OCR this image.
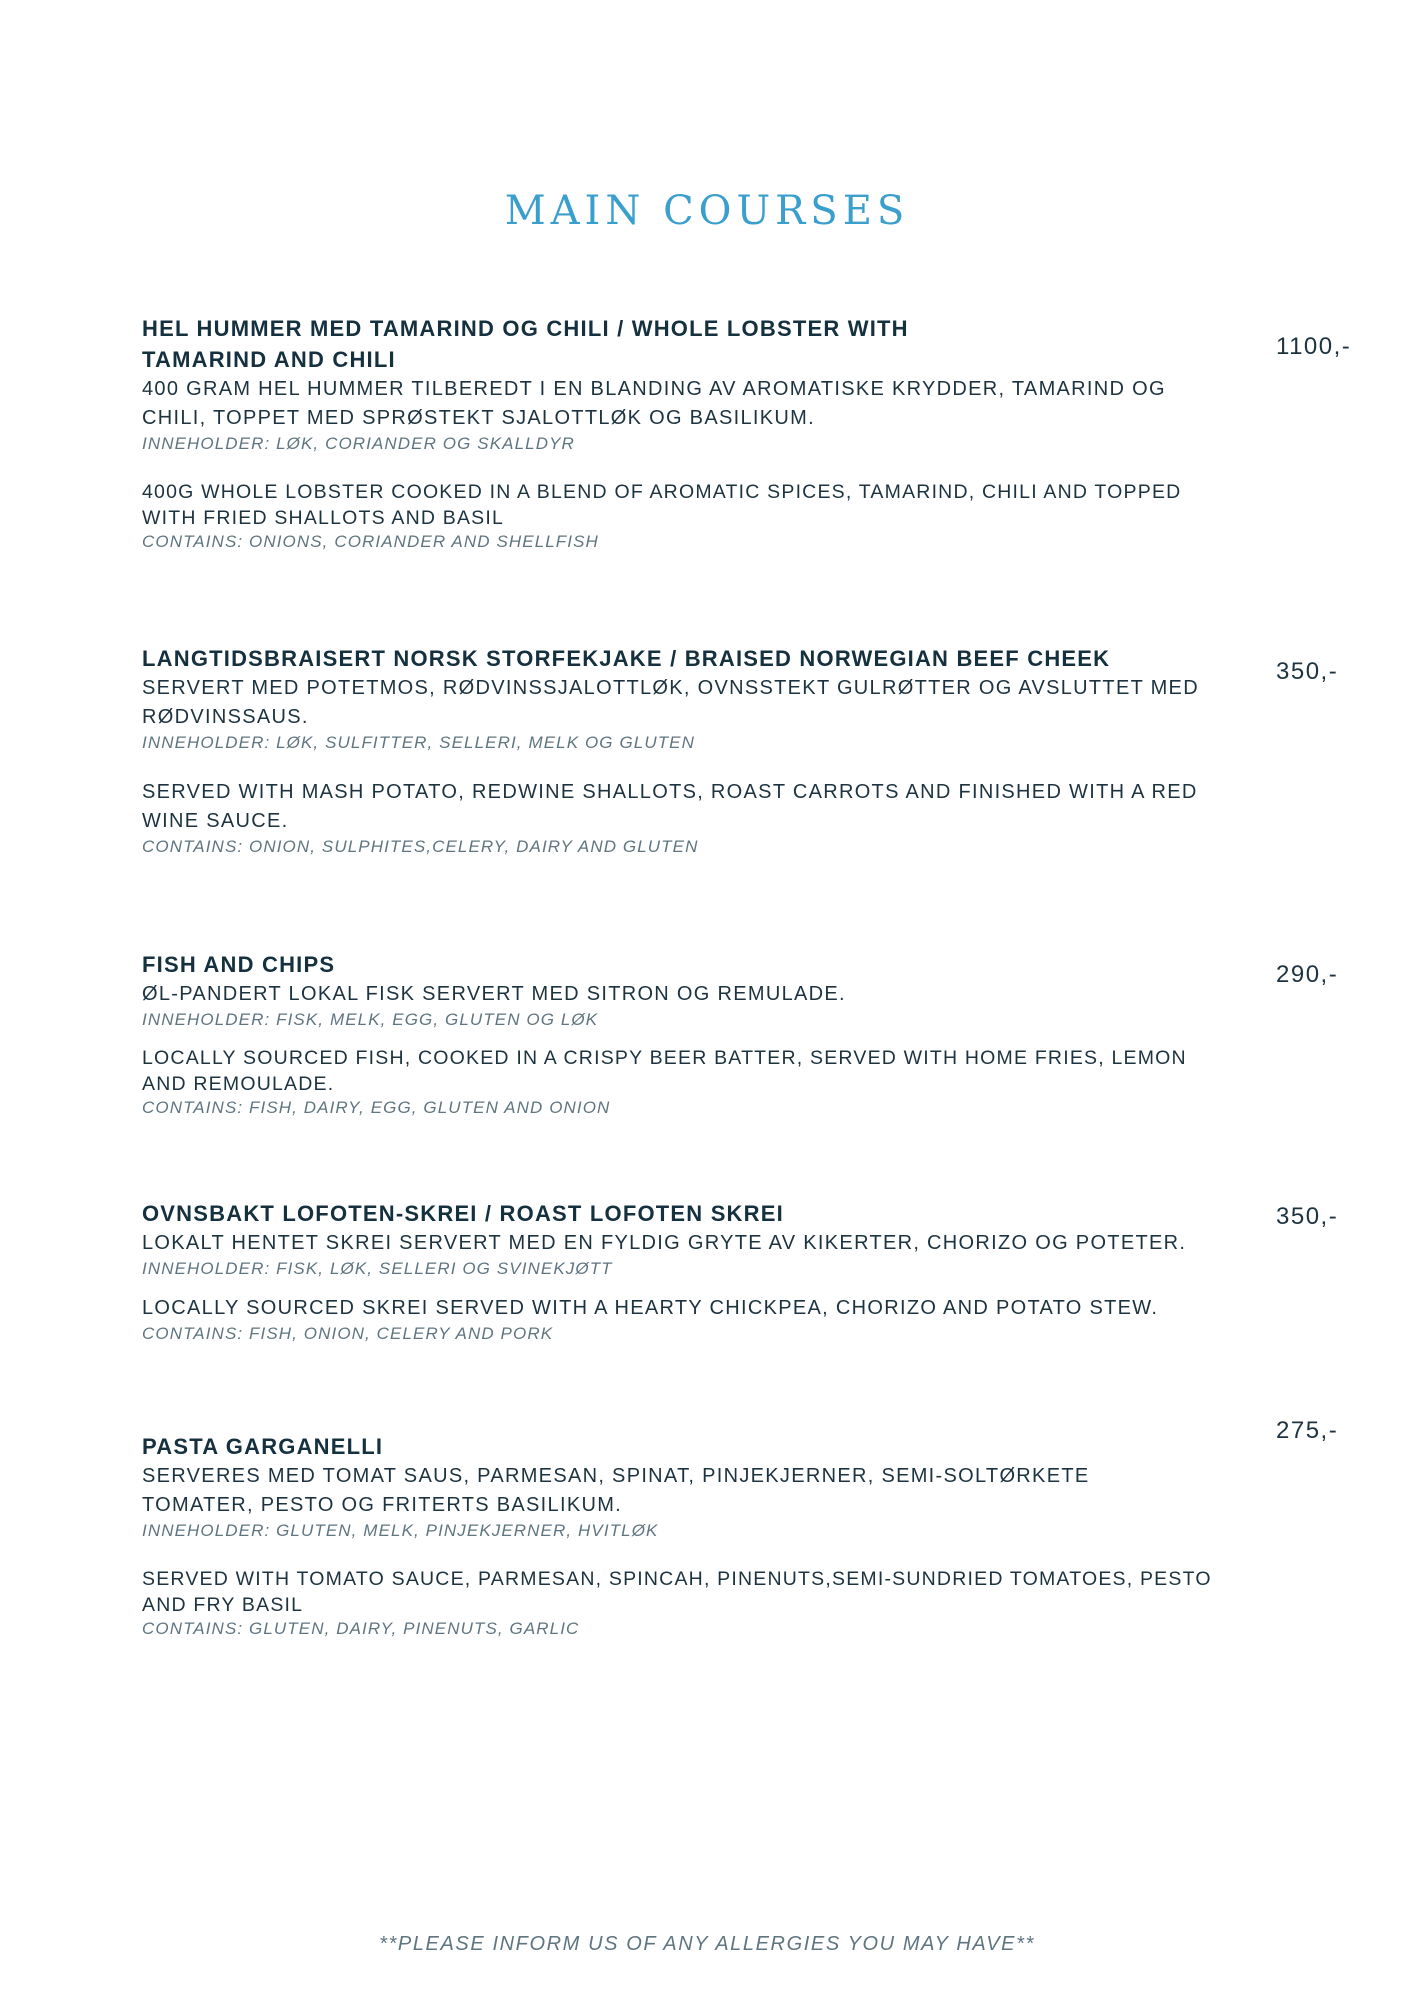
MAIN COURSES
HEL HUMMER MED TAMARIND OG CHILI / WHOLE LOBSTER WITH TAMARIND AND CHILI
400 GRAM HEL HUMMER TILBEREDT I EN BLANDING AV AROMATISKE KRYDDER, TAMARIND OG CHILI, TOPPET MED SPRØSTEKT SJALOTTLØK OG BASILIKUM.
INNEHOLDER: LØK, CORIANDER OG SKALLDYR
400G WHOLE LOBSTER COOKED IN A BLEND OF AROMATIC SPICES, TAMARIND, CHILI AND TOPPED WITH FRIED SHALLOTS AND BASIL
CONTAINS: ONIONS, CORIANDER AND SHELLFISH
1100,-
LANGTIDSBRAISERT NORSK STORFEKJAKE / BRAISED NORWEGIAN BEEF CHEEK
SERVERT MED POTETMOS, RØDVINSSJALOTTLØK, OVNSSTEKT GULRØTTER OG AVSLUTTET MED RØDVINSSAUS.
INNEHOLDER: LØK, SULFITTER, SELLERI, MELK OG GLUTEN
SERVED WITH MASH POTATO, REDWINE SHALLOTS, ROAST CARROTS AND FINISHED WITH A RED WINE SAUCE.
CONTAINS: ONION, SULPHITES,CELERY, DAIRY AND GLUTEN
350,-
FISH AND CHIPS
ØL-PANDERT LOKAL FISK SERVERT MED SITRON OG REMULADE.
INNEHOLDER: FISK, MELK, EGG, GLUTEN OG LØK
LOCALLY SOURCED FISH, COOKED IN A CRISPY BEER BATTER, SERVED WITH HOME FRIES, LEMON AND REMOULADE.
CONTAINS: FISH, DAIRY, EGG, GLUTEN AND ONION
290,-
OVNSBAKT LOFOTEN-SKREI / ROAST LOFOTEN SKREI
LOKALT HENTET SKREI SERVERT MED EN FYLDIG GRYTE AV KIKERTER, CHORIZO OG POTETER.
INNEHOLDER: FISK, LØK, SELLERI OG SVINEKJØTT
LOCALLY SOURCED SKREI SERVED WITH A HEARTY CHICKPEA, CHORIZO AND POTATO STEW.
CONTAINS: FISH, ONION, CELERY AND PORK
350,-
PASTA GARGANELLI
SERVERES MED TOMAT SAUS, PARMESAN, SPINAT, PINJEKJERNER, SEMI-SOLTØRKETE TOMATER, PESTO OG FRITERTS BASILIKUM.
INNEHOLDER: GLUTEN, MELK, PINJEKJERNER, HVITLØK
SERVED WITH TOMATO SAUCE, PARMESAN, SPINCAH, PINENUTS,SEMI-SUNDRIED TOMATOES, PESTO AND FRY BASIL
CONTAINS: GLUTEN, DAIRY, PINENUTS, GARLIC
275,-
**PLEASE INFORM US OF ANY ALLERGIES YOU MAY HAVE**
